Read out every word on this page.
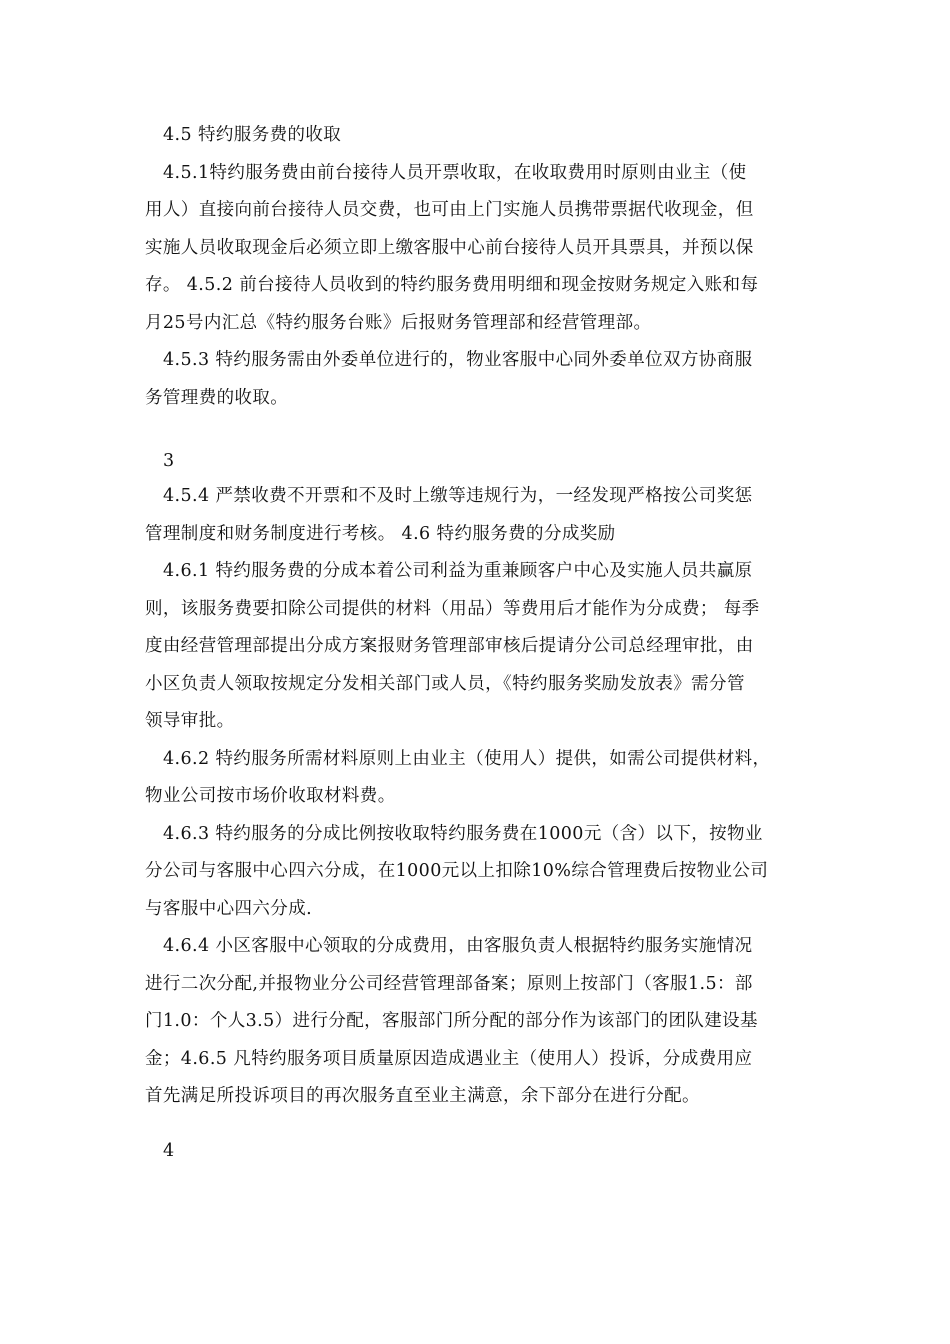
4.5 特约服务费的收取
4.5.1特约服务费由前台接待人员开票收取，在收取费用时原则由业主（使
用人）直接向前台接待人员交费，也可由上门实施人员携带票据代收现金，但
实施人员收取现金后必须立即上缴客服中心前台接待人员开具票具，并预以保
存。 4.5.2 前台接待人员收到的特约服务费用明细和现金按财务规定入账和每
月25号内汇总《特约服务台账》后报财务管理部和经营管理部。
4.5.3 特约服务需由外委单位进行的，物业客服中心同外委单位双方协商服
务管理费的收取。
3
4.5.4 严禁收费不开票和不及时上缴等违规行为，一经发现严格按公司奖惩
管理制度和财务制度进行考核。 4.6 特约服务费的分成奖励
4.6.1 特约服务费的分成本着公司利益为重兼顾客户中心及实施人员共赢原
则，该服务费要扣除公司提供的材料（用品）等费用后才能作为分成费； 每季
度由经营管理部提出分成方案报财务管理部审核后提请分公司总经理审批，由
小区负责人领取按规定分发相关部门或人员，《特约服务奖励发放表》需分管
领导审批。
4.6.2 特约服务所需材料原则上由业主（使用人）提供，如需公司提供材料，
物业公司按市场价收取材料费。
4.6.3 特约服务的分成比例按收取特约服务费在1000元（含）以下，按物业
分公司与客服中心四六分成，在1000元以上扣除10%综合管理费后按物业公司
与客服中心四六分成.
4.6.4 小区客服中心领取的分成费用，由客服负责人根据特约服务实施情况
进行二次分配,并报物业分公司经营管理部备案；原则上按部门（客服1.5：部
门1.0：个人3.5）进行分配，客服部门所分配的部分作为该部门的团队建设基
金；4.6.5 凡特约服务项目质量原因造成遇业主（使用人）投诉，分成费用应
首先满足所投诉项目的再次服务直至业主满意，余下部分在进行分配。
4
